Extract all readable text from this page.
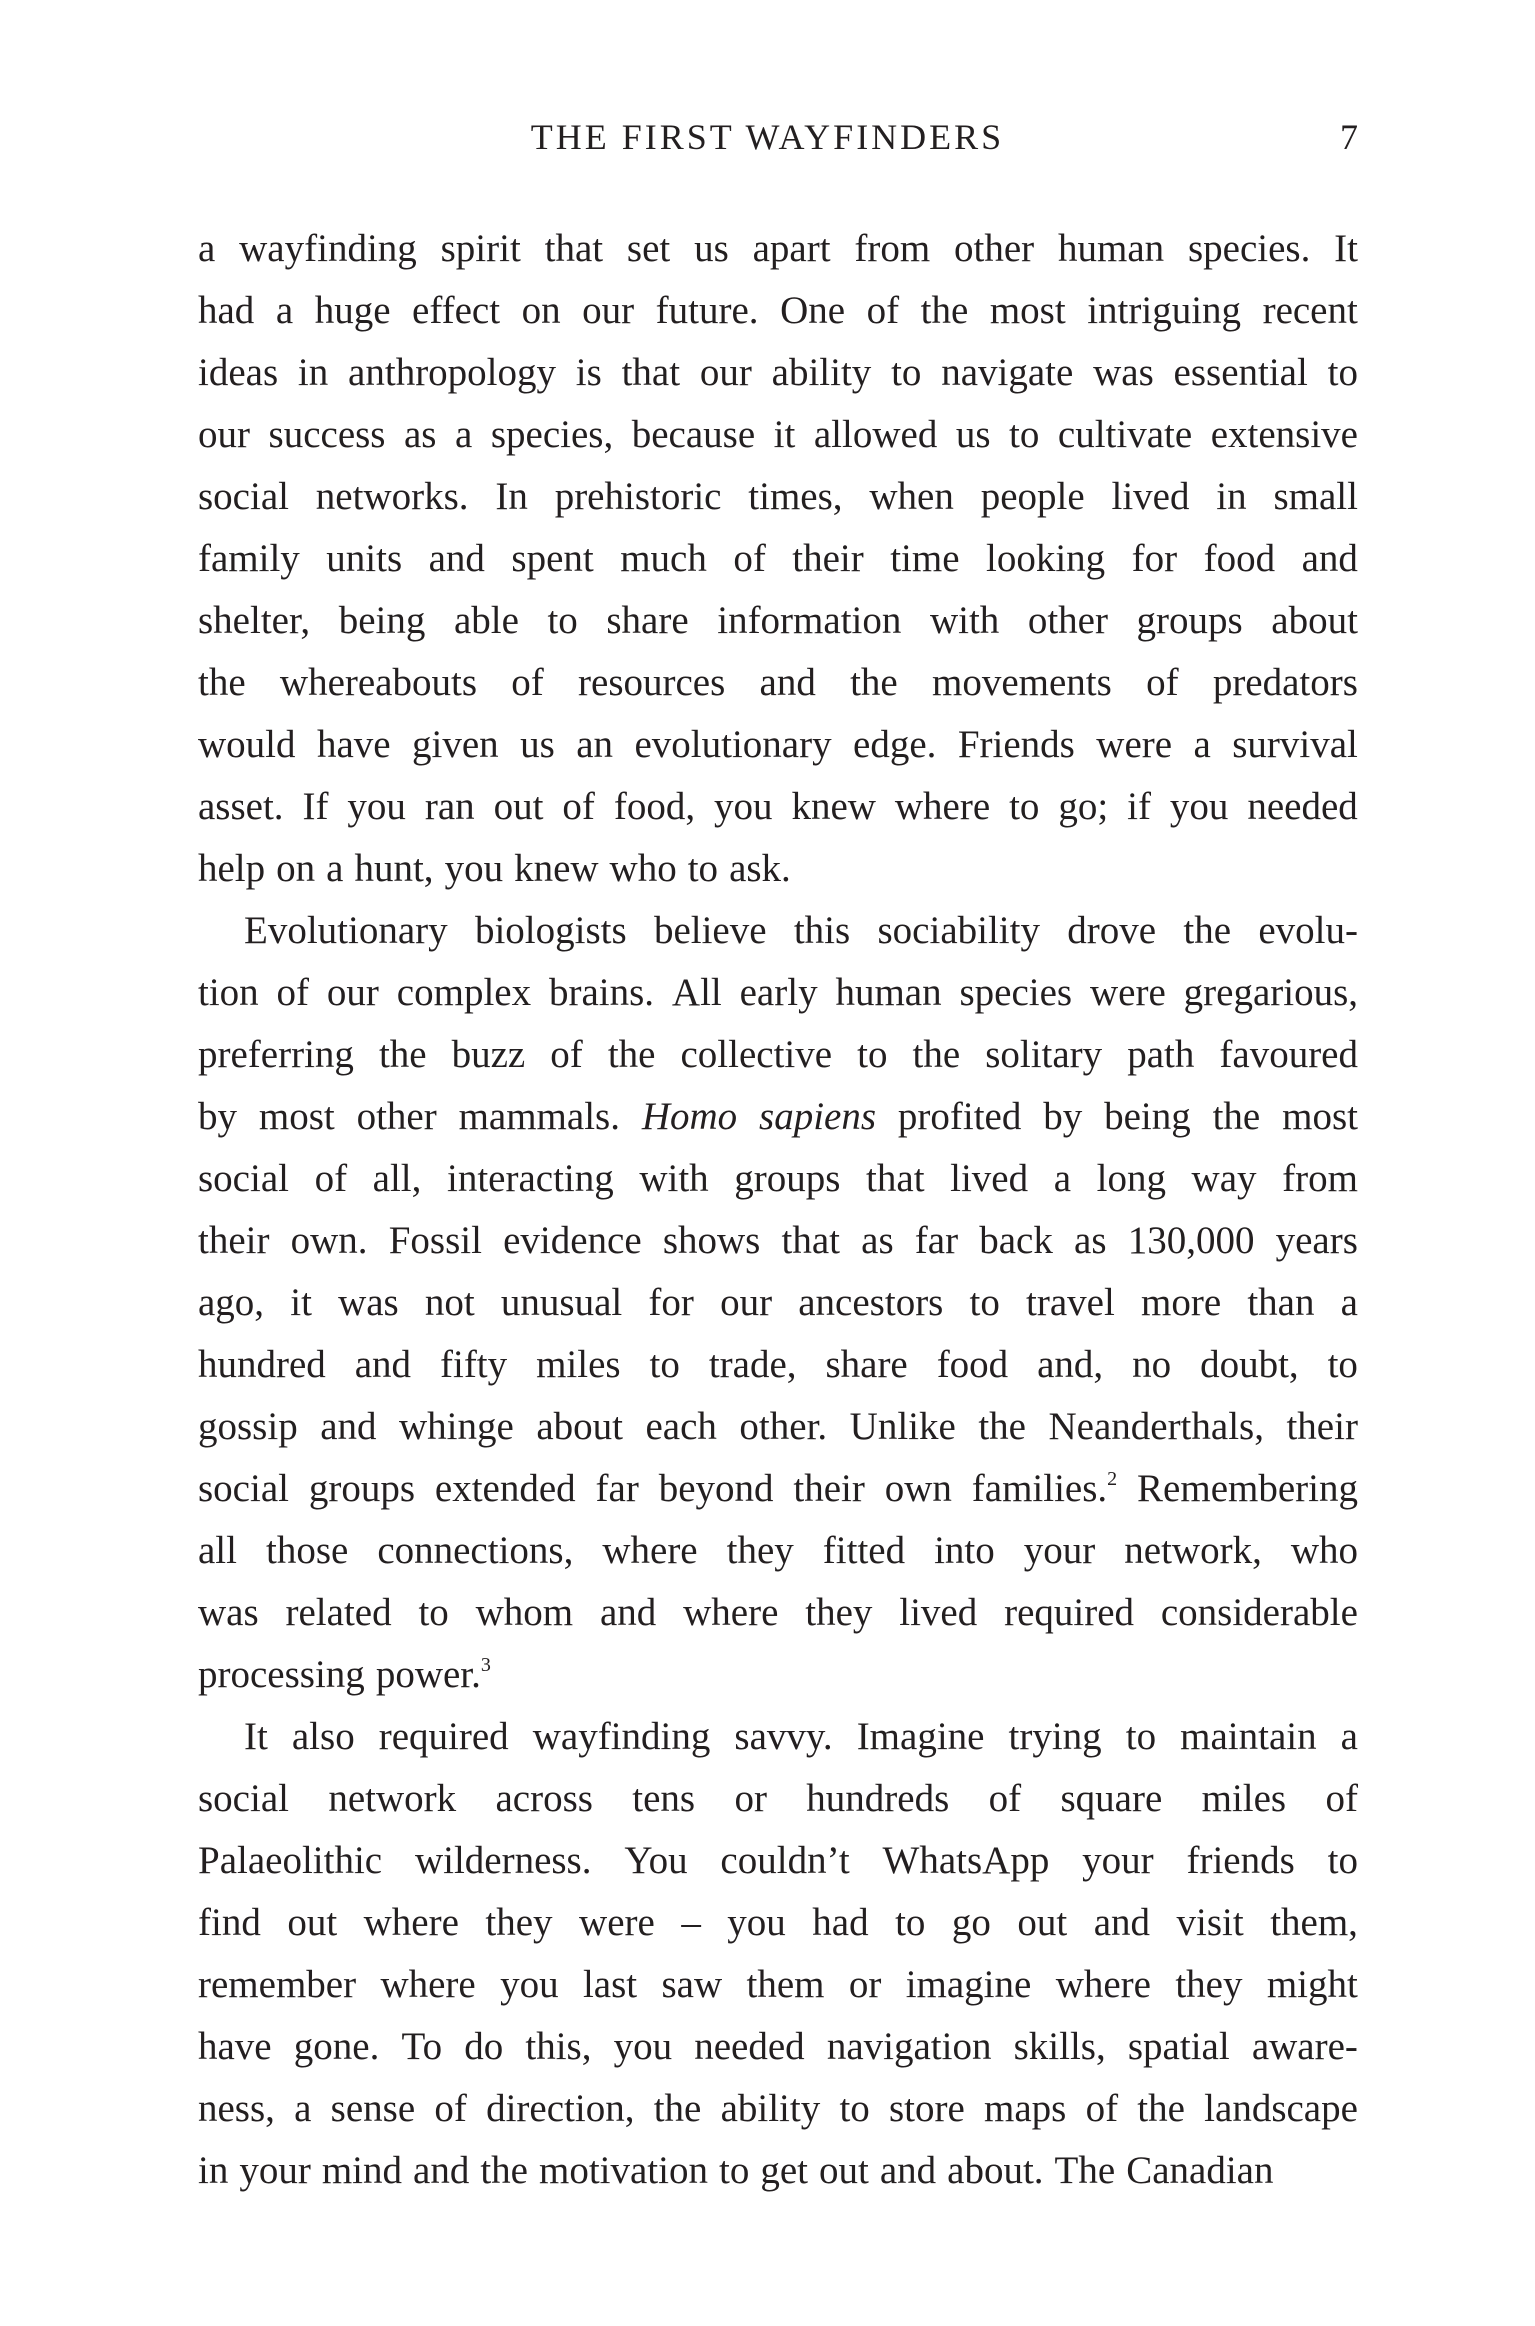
THE FIRST WAYFINDERS	7
a wayfinding spirit that set us apart from other human species. It
had a huge effect on our future. One of the most intriguing recent
ideas in anthropology is that our ability to navigate was essential to
our success as a species, because it allowed us to cultivate extensive
social networks. In prehistoric times, when people lived in small
family units and spent much of their time looking for food and
shelter, being able to share information with other groups about
the whereabouts of resources and the movements of predators
would have given us an evolutionary edge. Friends were a survival
asset. If you ran out of food, you knew where to go; if you needed
help on a hunt, you knew who to ask.
Evolutionary biologists believe this sociability drove the evolu-
tion of our complex brains. All early human species were gregarious,
preferring the buzz of the collective to the solitary path favoured
by most other mammals. Homo sapiens profited by being the most
social of all, interacting with groups that lived a long way from
their own. Fossil evidence shows that as far back as 130,000 years
ago, it was not unusual for our ancestors to travel more than a
hundred and fifty miles to trade, share food and, no doubt, to
gossip and whinge about each other. Unlike the Neanderthals, their
social groups extended far beyond their own families.$^2$ Remembering
all those connections, where they fitted into your network, who
was related to whom and where they lived required considerable
processing power.$^3$
It also required wayfinding savvy. Imagine trying to maintain a
social network across tens or hundreds of square miles of
Palaeolithic wilderness. You couldn’t WhatsApp your friends to
find out where they were – you had to go out and visit them,
remember where you last saw them or imagine where they might
have gone. To do this, you needed navigation skills, spatial aware-
ness, a sense of direction, the ability to store maps of the landscape
in your mind and the motivation to get out and about. The Canadian
